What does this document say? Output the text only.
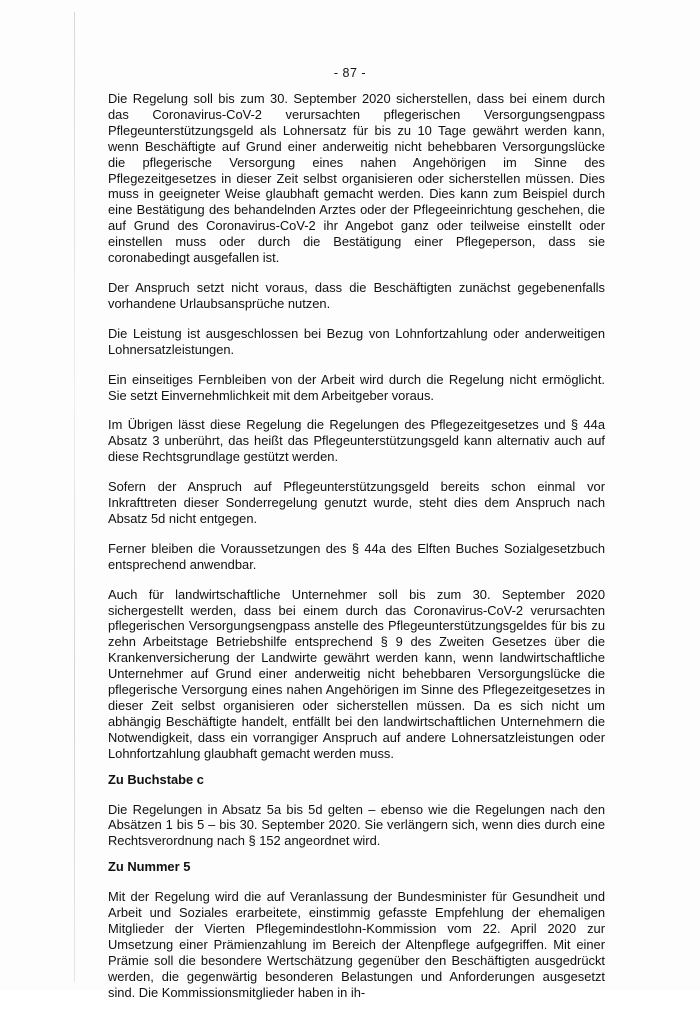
- 87 -

Die Regelung soll bis zum 30. September 2020 sicherstellen, dass bei einem durch das Coronavirus-CoV-2 verursachten pflegerischen Versorgungsengpass Pflegeunterstützungsgeld als Lohnersatz für bis zu 10 Tage gewährt werden kann, wenn Beschäftigte auf Grund einer anderweitig nicht behebbaren Versorgungslücke die pflegerische Versorgung eines nahen Angehörigen im Sinne des Pflegezeitgesetzes in dieser Zeit selbst organisieren oder sicherstellen müssen. Dies muss in geeigneter Weise glaubhaft gemacht werden. Dies kann zum Beispiel durch eine Bestätigung des behandelnden Arztes oder der Pflegeeinrichtung geschehen, die auf Grund des Coronavirus-CoV-2 ihr Angebot ganz oder teilweise einstellt oder einstellen muss oder durch die Bestätigung einer Pflegeperson, dass sie coronabedingt ausgefallen ist.

Der Anspruch setzt nicht voraus, dass die Beschäftigten zunächst gegebenenfalls vorhandene Urlaubsansprüche nutzen.

Die Leistung ist ausgeschlossen bei Bezug von Lohnfortzahlung oder anderweitigen Lohnersatzleistungen.

Ein einseitiges Fernbleiben von der Arbeit wird durch die Regelung nicht ermöglicht. Sie setzt Einvernehmlichkeit mit dem Arbeitgeber voraus.

Im Übrigen lässt diese Regelung die Regelungen des Pflegezeitgesetzes und § 44a Absatz 3 unberührt, das heißt das Pflegeunterstützungsgeld kann alternativ auch auf diese Rechtsgrundlage gestützt werden.

Sofern der Anspruch auf Pflegeunterstützungsgeld bereits schon einmal vor Inkrafttreten dieser Sonderregelung genutzt wurde, steht dies dem Anspruch nach Absatz 5d nicht entgegen.

Ferner bleiben die Voraussetzungen des § 44a des Elften Buches Sozialgesetzbuch entsprechend anwendbar.

Auch für landwirtschaftliche Unternehmer soll bis zum 30. September 2020 sichergestellt werden, dass bei einem durch das Coronavirus-CoV-2 verursachten pflegerischen Versorgungsengpass anstelle des Pflegeunterstützungsgeldes für bis zu zehn Arbeitstage Betriebshilfe entsprechend § 9 des Zweiten Gesetzes über die Krankenversicherung der Landwirte gewährt werden kann, wenn landwirtschaftliche Unternehmer auf Grund einer anderweitig nicht behebbaren Versorgungslücke die pflegerische Versorgung eines nahen Angehörigen im Sinne des Pflegezeitgesetzes in dieser Zeit selbst organisieren oder sicherstellen müssen. Da es sich nicht um abhängig Beschäftigte handelt, entfällt bei den landwirtschaftlichen Unternehmern die Notwendigkeit, dass ein vorrangiger Anspruch auf andere Lohnersatzleistungen oder Lohnfortzahlung glaubhaft gemacht werden muss.

Zu Buchstabe c

Die Regelungen in Absatz 5a bis 5d gelten – ebenso wie die Regelungen nach den Absätzen 1 bis 5 – bis 30. September 2020. Sie verlängern sich, wenn dies durch eine Rechtsverordnung nach § 152 angeordnet wird.

Zu Nummer 5

Mit der Regelung wird die auf Veranlassung der Bundesminister für Gesundheit und Arbeit und Soziales erarbeitete, einstimmig gefasste Empfehlung der ehemaligen Mitglieder der Vierten Pflegemindestlohn-Kommission vom 22. April 2020 zur Umsetzung einer Prämienzahlung im Bereich der Altenpflege aufgegriffen. Mit einer Prämie soll die besondere Wertschätzung gegenüber den Beschäftigten ausgedrückt werden, die gegenwärtig besonderen Belastungen und Anforderungen ausgesetzt sind. Die Kommissionsmitglieder haben in ih-
